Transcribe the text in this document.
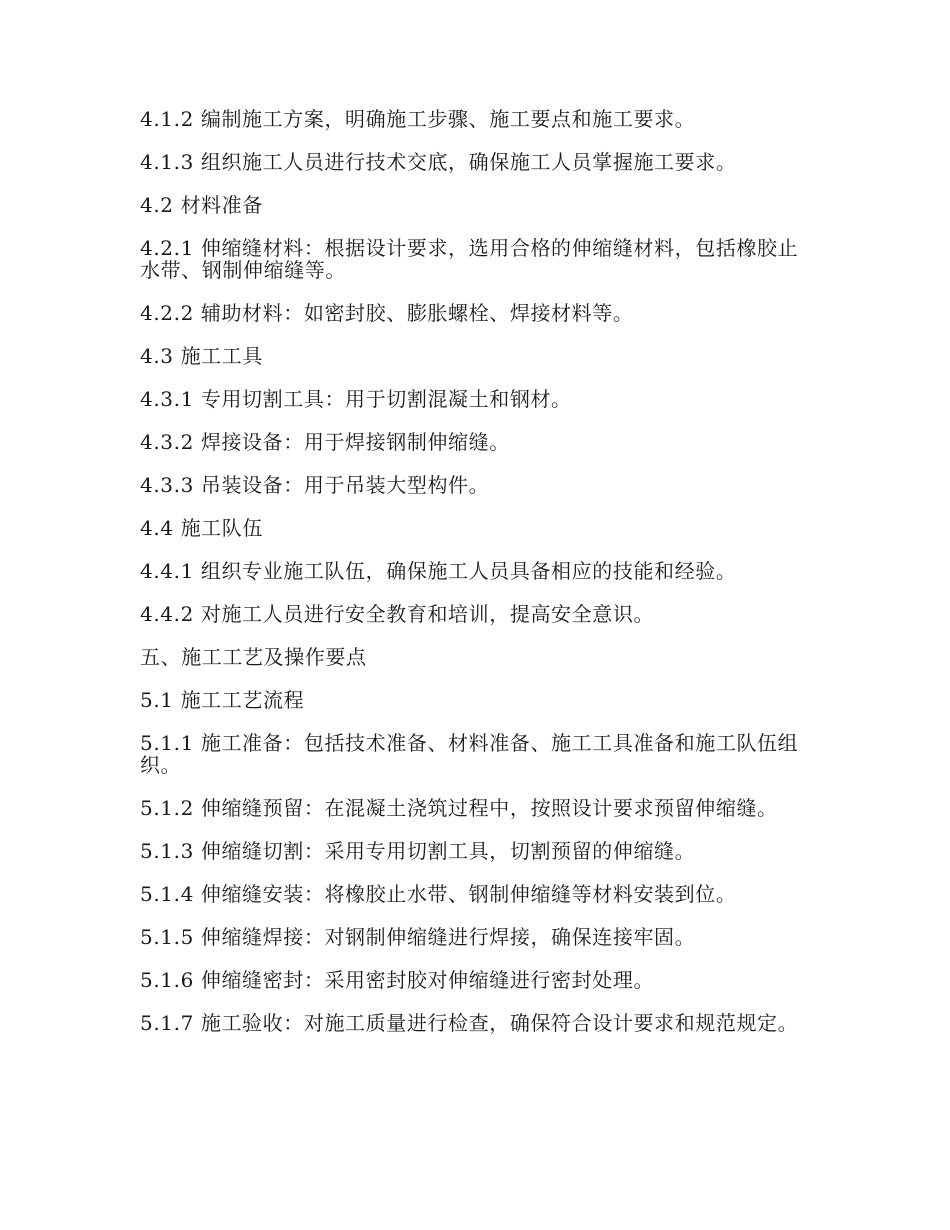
4.1.2 编制施工方案，明确施工步骤、施工要点和施工要求。

4.1.3 组织施工人员进行技术交底，确保施工人员掌握施工要求。

4.2 材料准备

4.2.1 伸缩缝材料：根据设计要求，选用合格的伸缩缝材料，包括橡胶止水带、钢制伸缩缝等。

4.2.2 辅助材料：如密封胶、膨胀螺栓、焊接材料等。

4.3 施工工具

4.3.1 专用切割工具：用于切割混凝土和钢材。

4.3.2 焊接设备：用于焊接钢制伸缩缝。

4.3.3 吊装设备：用于吊装大型构件。

4.4 施工队伍

4.4.1 组织专业施工队伍，确保施工人员具备相应的技能和经验。

4.4.2 对施工人员进行安全教育和培训，提高安全意识。

五、施工工艺及操作要点

5.1 施工工艺流程

5.1.1 施工准备：包括技术准备、材料准备、施工工具准备和施工队伍组织。

5.1.2 伸缩缝预留：在混凝土浇筑过程中，按照设计要求预留伸缩缝。

5.1.3 伸缩缝切割：采用专用切割工具，切割预留的伸缩缝。

5.1.4 伸缩缝安装：将橡胶止水带、钢制伸缩缝等材料安装到位。

5.1.5 伸缩缝焊接：对钢制伸缩缝进行焊接，确保连接牢固。

5.1.6 伸缩缝密封：采用密封胶对伸缩缝进行密封处理。

5.1.7 施工验收：对施工质量进行检查，确保符合设计要求和规范规定。
